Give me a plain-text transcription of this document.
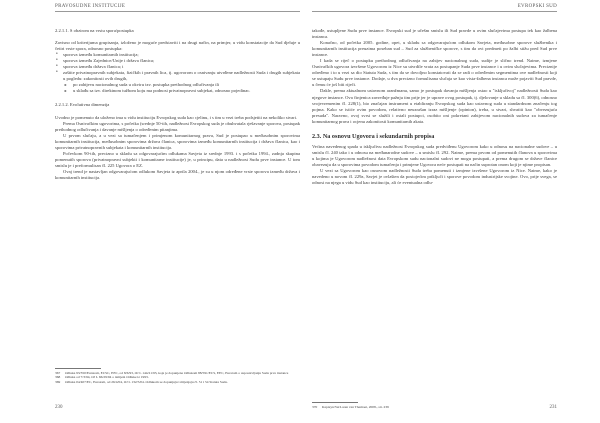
PRAVOSUDNE INSTITUCIJE

2.2.1.1. S obzirom na vrstu spora/postupka

Zavisno od kriterijuma grupisanja, izloženo je moguće predstaviti i na drugi način, na primjer, u vidu konstatacije da Sud djeluje u četiri vrste spora, odnosno postupka:

• sporova između komunitarnih institucija;
• sporova između Zajednice/Unije i država članica;
• sporova između država članica; i
• zaštite privatnopravnih subjekata, fizičkih i pravnih lica, tj. ugovorom o osnivanju utvrđene nadležnosti Suda i drugih subjekata u pogledu: zakonitosti ovih drugih,
► po zahtjevu nacionalnog suda u okviru tzv. postupka prethodnog odlučivanja ili
► u sklađu sa tzv. direktnom tužbom koju ma podnosi privatnopravni subjekat, odnosno pojedinac.

2.2.1.2. Evolutivna dimenzija

Uvodno je pomenuto da uloženo ima u vidu instituciju Evropskog suda kao cjelinu, i s tim u vezi treba podsjetiti na nekoliko stvari.

Prema Osnivačkim ugovorima, s početka (srednje 50-tih, nadležnost Evropskog suda je obuhvatala rješavanje sporova, postupak prethodnog odlučivanja i davanje mišljenja o određenim pitanjima.

U prvom slučaju, a u vezi sa tumačenjem i primjenom komunitarnog prava, Sud je postupao u međusobnim sporovima komunitarnih institucija, međusobnim sporovima država članica, sporovima između komunitarnih institucija i država članica, kao i sporovima privatnopravnih subjekata i komunitarnih institucija.

Počevkom 90-tih, precizno u skladu sa odgovarajućim odlukama Savjeta iz srednje 1993. i s početka 1994., zadnja skupina pomenutih sporova (privatnopravni subjekti i komunitarne institucije) je, u principu, data u nadležnost Sudu prve instance. U tom smislu je i preformulisan čl. 225 Ugovora o EZ.

Ovaj trend je nastavljan odgovarajućom odlukom Savjeta iz aprila 2004., je su u njom određene vrste sporova između država i komunitarnih institucija.

367 Odluka 93/350/Euratom, ECSC, EEC, od 8/6/93, OJ L 144/21/93, koja je dopunjena Odlukom 88/591/ECS, EEC, Euratom o uspostavljanju Suda prve instance

368 Odluka od 7/3/94, OJ L 66/29/94 o izmjeni Odluke iz 1993.

369 Odluka 04/407/EC, Euratom, od 26/4/04, OJ L 132/5/04. Odlukom se dopunjuju i mijenjaju čl. 51 i 54 Statuta Suda.

230
EVROPSKI SUD

takođe, ustupljene Sudu prve instance. Evropski sud je učešm smislu ili Sud pravde u ovim slučajevima postupa tek kao žalbena instanca.

Konačno, od početka 2005. godine, opet, u skladu sa odgovarajućom odlukom Savjeta, međusobne sporove službenika i komunitarnih institucija preuzima poseban sud – Sud za službeničke sporove, s tim da ovi predmeti po žalbi stižu pred Sud prve instance.

I kada se riječ o postupku prethodnog odlučivanja na zahtjev nacionalnog suda, sudije je slično trend. Naime, izmjene Osnivačkih ugovora izvršene Ugovorom iz Nice su utvrdile vrata za postupanje Suda prve instance i u ovim slučajevima. Precizniјe određeno i to u vezi sa dio Statuta Suda, s tim da se dovoljno konstatovati da se radi o određenim segmentima ove nadležnosti koji se ustupaju Sudu prve instance. Dodaje, u dva precizno formulisana slučaja se kao vista-žalbena instanca može pojaviti Sud pravde, u čemu će još biti riječi.

Dakle, prema aktualnom ustavnom aranžmanu, samo je postupak davanja mišljenja ostao u "isključivoj" nadležnosti Suda kao njegove instance. Ova činjenica zavređuje pažnju tim prije jer je uprave ovog postupak, tj. djelovanje u skladu sa čl. 300(6), odnosno svojevremenim čl. 228(1), bio značajan instrument u etabliranju Evropskog suda kao ustavnog suda u standardnom značenju tog pojma. Kako se istiće ovim povodom, relativno neuzrašan izraz mišljenje (opinion), treba, u stvari, shvatiti kao "obvezujuća presuda". Naravno, ovoj svrsi se služili i ostali postupci, osobito oni pokretani zahtjevom nacionalnih sudova za tumačenje komunitarnog prava i ocjenu zakonitosti komunitarnih akata.

2.3. Na osnovu Ugovora i sekundarnih propisa

Većina navedenog spada u isključivu nadležnost Evropskog suda predviđenu Ugovorom kako u odnosu na nacionalne sudove – u smislu čl. 240 tako i u odnosu na međunarodne sudove – u smislu čl. 292. Naime, prema prvom od pomenutih članova u sporovima u kojima je Ugovorom nadležnost data Evropskom sudu nacionalni sudovi ne mogu postupati, a prema drugom se države članice obavezuju da u sporovima povodom tumačenja i primjene Ugovora neće postupati na način suprotan onom koji je njime propisan.

U vezi sa Ugovorom kao osnovom nadležnosti Suda treba pomenuti i izmjene izvršene Ugovorom iz Nice. Naime, kako je navedeno u novom čl. 229a, Savjet je ovlašten da postojećim priključi i sporove povodom industrijske svojine. Ovo, prije svega, se odnosi na njega u vidu Sud kao instituciju, ali će eventualna odlu-

370 Kapteyn/VerLoren van Themaat, 2008., str. 239	231
